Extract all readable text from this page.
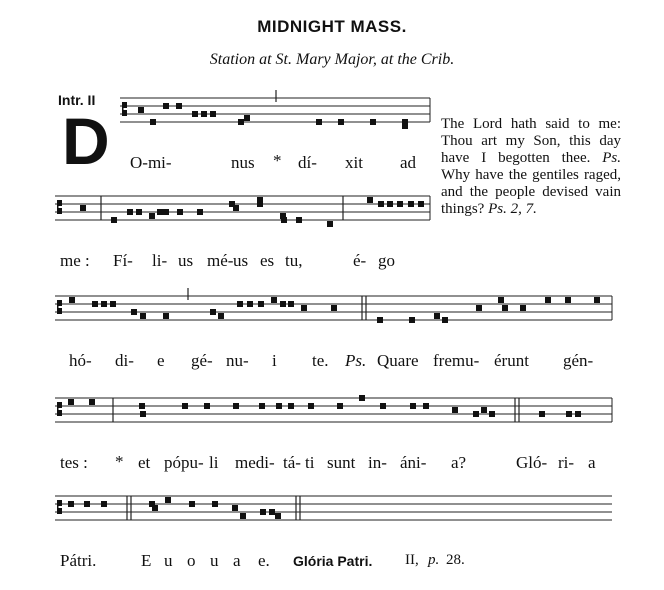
MIDNIGHT MASS.
Station at St. Mary Major, at the Crib.
Intr. II
D	The Lord hath said to me: Thou art my Son, this day have I begotten thee. Ps. Why have the gentiles raged, and the people devised vain things? Ps. 2, 7.
O-mi-	nus * dí- xit ad
me : Fí- li- us mé- us es tu,	é- go
hó- di- e gé- nu- i te. Ps. Quare fremu- érunt gén-
tes : * et pópu- li medi- tá- ti sunt in- áni- a?	Gló- ri- a
Pátri.	E u o u a e. Glória Patri. II, p. 28.
